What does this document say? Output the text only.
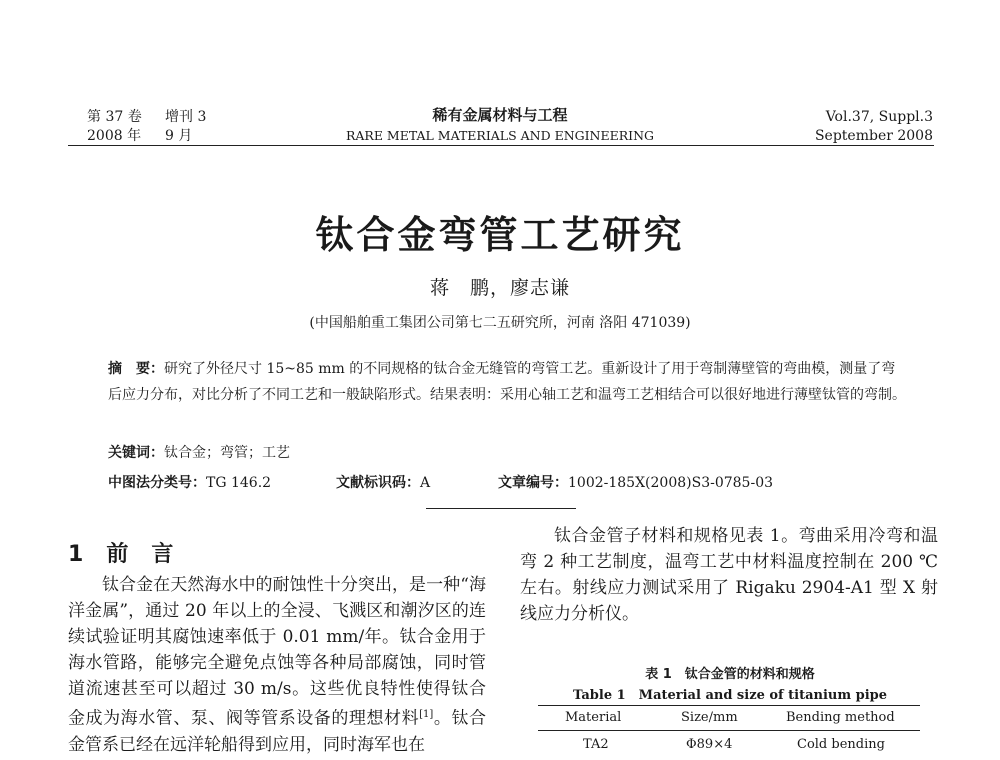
第 37 卷 增刊 3
2008 年 9 月
稀有金属材料与工程
RARE METAL MATERIALS AND ENGINEERING
Vol.37, Suppl.3
September 2008
钛合金弯管工艺研究
蒋　鹏，廖志谦
(中国船舶重工集团公司第七二五研究所，河南 洛阳 471039)
摘　要：研究了外径尺寸 15~85 mm 的不同规格的钛合金无缝管的弯管工艺。重新设计了用于弯制薄壁管的弯曲模，测量了弯后应力分布，对比分析了不同工艺和一般缺陷形式。结果表明：采用心轴工艺和温弯工艺相结合可以很好地进行薄壁钛管的弯制。
关键词：钛合金；弯管；工艺
中图法分类号：TG 146.2	文献标识码：A	文章编号：1002-185X(2008)S3-0785-03
1 前 言

钛合金在天然海水中的耐蚀性十分突出，是一种“海洋金属”，通过 20 年以上的全浸、飞溅区和潮汐区的连续试验证明其腐蚀速率低于 0.01 mm/年。钛合金用于海水管路，能够完全避免点蚀等各种局部腐蚀，同时管道流速甚至可以超过 30 m/s。这些优良特性使得钛合金成为海水管、泵、阀等管系设备的理想材料[1]。钛合金管系已经在远洋轮船得到应用，同时海军也在

钛合金管子材料和规格见表 1。弯曲采用冷弯和温弯 2 种工艺制度，温弯工艺中材料温度控制在 200 ℃左右。射线应力测试采用了 Rigaku 2904-A1 型 X 射线应力分析仪。

表 1　钛合金管的材料和规格
Table 1　Material and size of titanium pipe
Material	Size/mm	Bending method
TA2	Φ89×4	Cold bending
